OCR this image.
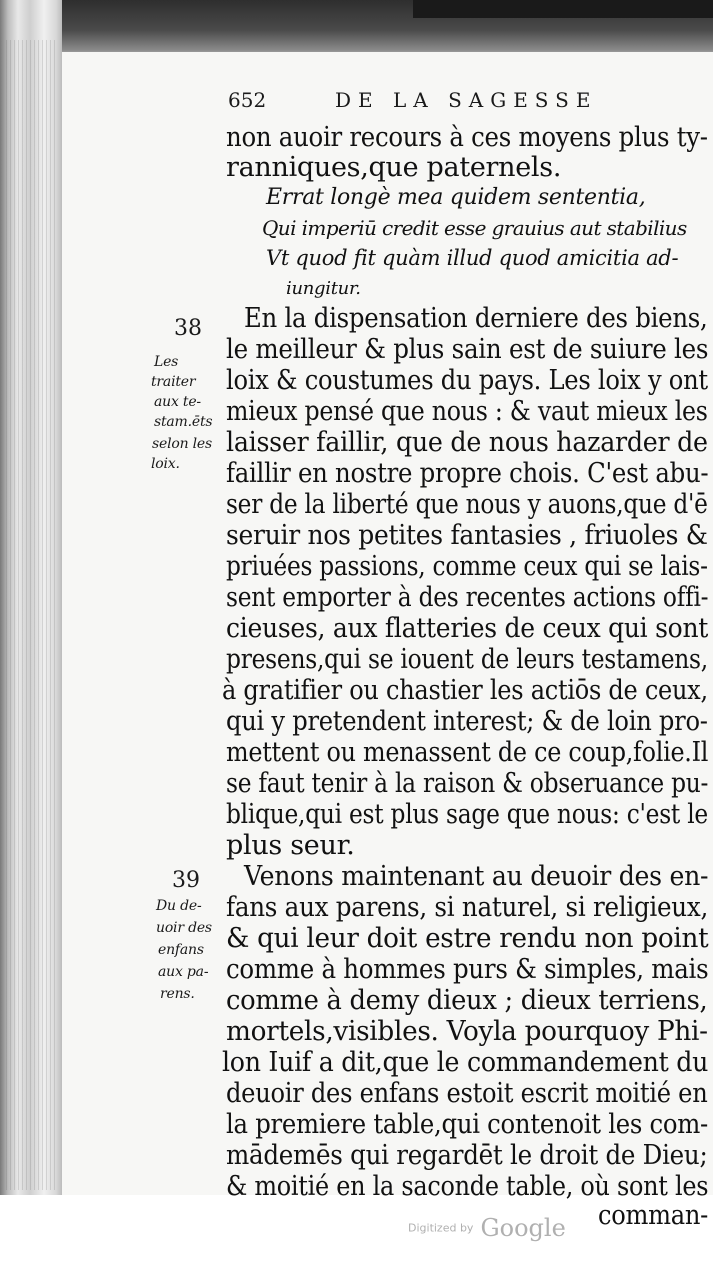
652	DE LA SAGESSE
non auoir recours à ces moyens plus ty-
ranniques,que paternels.
Errat longè mea quidem sententia,
Qui imperiū credit esse grauius aut stabilius
Vt quod fit quàm illud quod amicitia ad-
iungitur.
38
Les
traiter
aux te-
stam.ēts
selon les
loix.
En la dispensation derniere des biens,
le meilleur & plus sain est de suiure les
loix & coustumes du pays. Les loix y ont
mieux pensé que nous : & vaut mieux les
laisser faillir, que de nous hazarder de
faillir en nostre propre chois. C'est abu-
ser de la liberté que nous y auons,que d'ē
seruir nos petites fantasies , friuoles &
priuées passions, comme ceux qui se lais-
sent emporter à des recentes actions offi-
cieuses, aux flatteries de ceux qui sont
presens,qui se iouent de leurs testamens,
à gratifier ou chastier les actiōs de ceux,
qui y pretendent interest; & de loin pro-
mettent ou menassent de ce coup,folie.Il
se faut tenir à la raison & obseruance pu-
blique,qui est plus sage que nous: c'est le
plus seur.
39
Du de-
uoir des
enfans
aux pa-
rens.
Venons maintenant au deuoir des en-
fans aux parens, si naturel, si religieux,
& qui leur doit estre rendu non point
comme à hommes purs & simples, mais
comme à demy dieux ; dieux terriens,
mortels,visibles. Voyla pourquoy Phi-
lon Iuif a dit,que le commandement du
deuoir des enfans estoit escrit moitié en
la premiere table,qui contenoit les com-
mādemēs qui regardēt le droit de Dieu;
& moitié en la saconde table, où sont les
comman-
Digitized by Google
